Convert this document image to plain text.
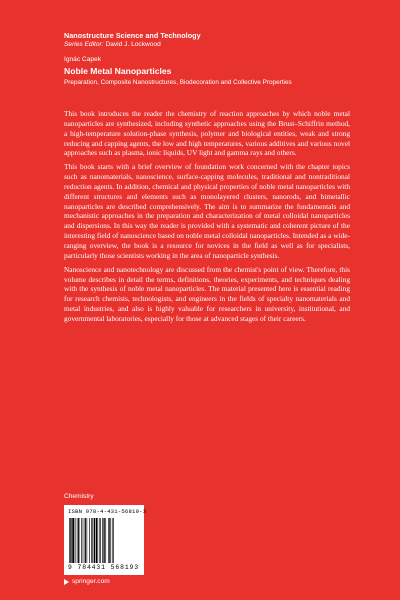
Nanostructure Science and Technology
Series Editor: David J. Lockwood
Ignác Capek
Noble Metal Nanoparticles
Preparation, Composite Nanostructures, Biodecoration and Collective Properties

This book introduces the reader the chemistry of reaction approaches by which noble metal nanoparticles are synthesized, including synthetic approaches using the Brust–Schiffrin method, a high-temperature solution-phase synthesis, polymer and biological entities, weak and strong reducing and capping agents, the low and high temperatures, various additives and various novel approaches such as plasma, ionic liquids, UV light and gamma rays and others.

This book starts with a brief overview of foundation work concerned with the chapter topics such as nanomaterials, nanoscience, surface-capping molecules, traditional and nontraditional reduction agents. In addition, chemical and physical properties of noble metal nanoparticles with different structures and elements such as monolayered clusters, nanorods, and bimetallic nanoparticles are described comprehensively. The aim is to summarize the fundamentals and mechanistic approaches in the preparation and characterization of metal colloidal nanoparticles and dispersions. In this way the reader is provided with a systematic and coherent picture of the interesting field of nanoscience based on noble metal colloidal nanoparticles. Intended as a wide-ranging overview, the book is a resource for novices in the field as well as for specialists, particularly those scientists working in the area of nanoparticle synthesis.

Nanoscience and nanotechnology are discussed from the chemist's point of view. Therefore, this volume describes in detail the terms, definitions, theories, experiments, and techniques dealing with the synthesis of noble metal nanoparticles. The material presented here is essential reading for research chemists, technologists, and engineers in the fields of specialty nanomaterials and metal industries, and also is highly valuable for researchers in university, institutional, and governmental laboratories, especially for those at advanced stages of their careers.

Chemistry
ISBN 978-4-431-56819-3
9 784431 568193
springer.com
